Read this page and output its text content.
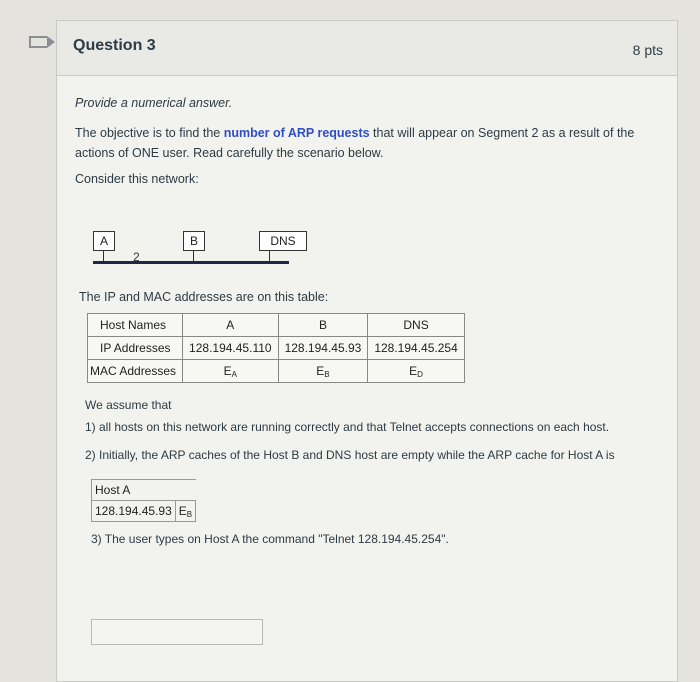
Question 3	8 pts
Provide a numerical answer.
The objective is to find the number of ARP requests that will appear on Segment 2 as a result of the
actions of ONE user. Read carefully the scenario below.
Consider this network:
A	B	DNS
2
The IP and MAC addresses are on this table:
Host Names	A	B	DNS
IP Addresses	128.194.45.110	128.194.45.93	128.194.45.254
MAC Addresses	$E_A$	$E_B$	$E_D$
We assume that
1) all hosts on this network are running correctly and that Telnet accepts connections on each host.
2) Initially, the ARP caches of the Host B and DNS host are empty while the ARP cache for Host A is
Host A
128.194.45.93	$E_B$
3) The user types on Host A the command "Telnet 128.194.45.254".
